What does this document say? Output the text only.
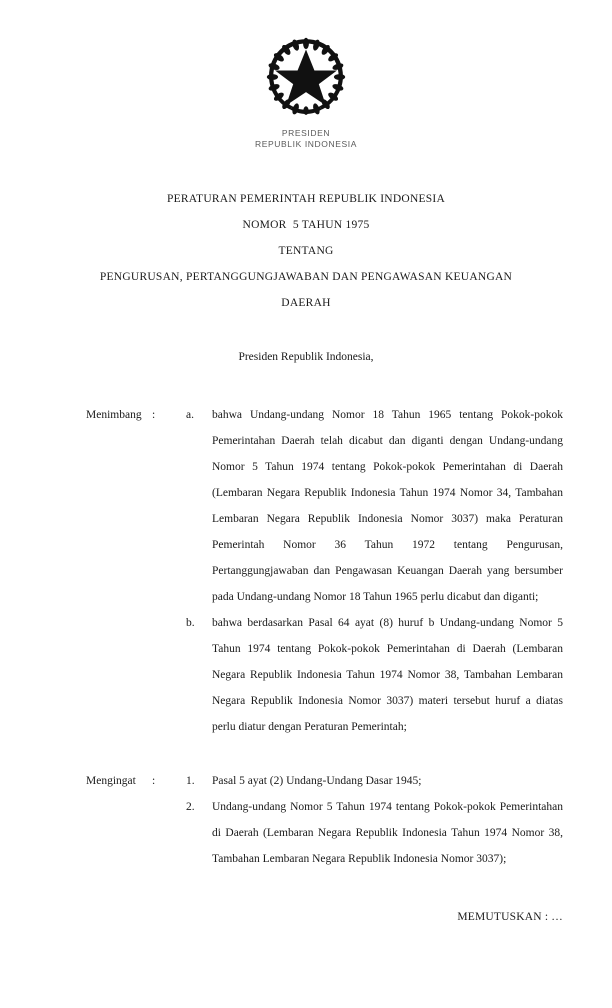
PRESIDEN
REPUBLIK INDONESIA
PERATURAN PEMERINTAH REPUBLIK INDONESIA
NOMOR  5 TAHUN 1975
TENTANG
PENGURUSAN, PERTANGGUNGJAWABAN DAN PENGAWASAN KEUANGAN
DAERAH
Presiden Republik Indonesia,
Menimbang :	a.	bahwa Undang-undang Nomor 18 Tahun 1965 tentang Pokok-pokok Pemerintahan Daerah telah dicabut dan diganti dengan Undang-undang Nomor 5 Tahun 1974 tentang Pokok-pokok Pemerintahan di Daerah (Lembaran Negara Republik Indonesia Tahun 1974 Nomor 34, Tambahan Lembaran Negara Republik Indonesia Nomor 3037) maka Peraturan Pemerintah Nomor 36 Tahun 1972 tentang Pengurusan, Pertanggungjawaban dan Pengawasan Keuangan Daerah yang bersumber pada Undang-undang Nomor 18 Tahun 1965 perlu dicabut dan diganti;
b.	bahwa berdasarkan Pasal 64 ayat (8) huruf b Undang-undang Nomor 5 Tahun 1974 tentang Pokok-pokok Pemerintahan di Daerah (Lembaran Negara Republik Indonesia Tahun 1974 Nomor 38, Tambahan Lembaran Negara Republik Indonesia Nomor 3037) materi tersebut huruf a diatas perlu diatur dengan Peraturan Pemerintah;
Mengingat	:	1.	Pasal 5 ayat (2) Undang-Undang Dasar 1945;
2.	Undang-undang Nomor 5 Tahun 1974 tentang Pokok-pokok Pemerintahan di Daerah (Lembaran Negara Republik Indonesia Tahun 1974 Nomor 38, Tambahan Lembaran Negara Republik Indonesia Nomor 3037);
MEMUTUSKAN : …
